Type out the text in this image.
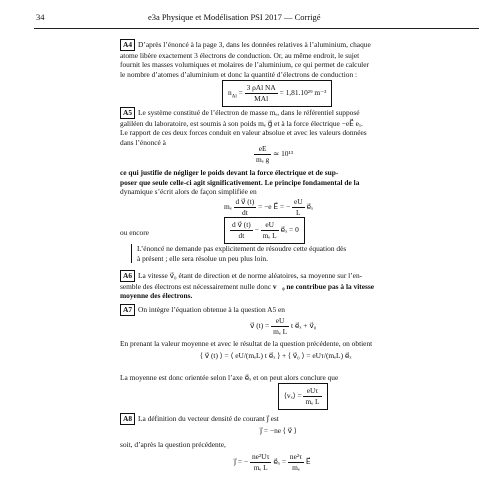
34	e3a Physique et Modélisation PSI 2017 — Corrigé
A4 D’après l’énoncé à la page 3, dans les données relatives à l’aluminium, chaque
atome libère exactement 3 électrons de conduction. Or, au même endroit, le sujet
fournit les masses volumiques et molaires de l’aluminium, ce qui permet de calculer
le nombre d’atomes d’aluminium et donc la quantité d’électrons de conduction :
$n_{Al} = \frac{\text{3 ρAl NA}}{\text{MAl}} = 1,81.10^{29}$ m⁻³
A5 Le système constitué de l’électron de masse mₑ, dans le référentiel supposé
galiléen du laboratoire, est soumis à son poids mₑ g⃗ et à la force électrique −eE⃗ eₓ.
Le rapport de ces deux forces conduit en valeur absolue et avec les valeurs données
dans l’énoncé à
$\frac{eE}{\text{mₑ g}}$ ≃ 10¹³
ce qui justifie de négliger le poids devant la force électrique et de sup-
poser que seule celle-ci agit significativement. Le principe fondamental de la
dynamique s’écrit alors de façon simplifiée en
mₑ $\frac{\text{d v⃗ (t)}}{dt} = -e$ E⃗ = − $\frac{eU}{L}$ e⃗ₓ
ou encore	$\frac{\text{d v⃗ (t)}}{dt} - \frac{eU}{\text{mₑ L}}$ e⃗ₓ = 0
L’énoncé ne demande pas explicitement de résoudre cette équation dès
à présent ; elle sera résolue un peu plus loin.
A6 La vitesse v⃗₀ étant de direction et de norme aléatoires, sa moyenne sur l’en-
semble des électrons est nécessairement nulle donc v⃗₀ ne contribue pas à la vitesse
moyenne des électrons.
A7 On intègre l’équation obtenue à la question A5 en
v⃗ $(t) = \frac{eU}{\text{mₑ L}}$ t e⃗ₓ + v⃗₀
En prenant la valeur moyenne et avec le résultat de la question précédente, on obtient
⟨ v⃗ (t) ⟩ = ⟨ eU/(mₑL) t e⃗ₓ ⟩ + ⟨ v⃗₀ ⟩ = eUτ/(mₑL) e⃗ₓ
La moyenne est donc orientée selon l’axe e⃗ₓ et on peut alors conclure que
⟨vₓ⟩ = $\frac{\text{eUτ}}{\text{mₑ L}}$
A8 La définition du vecteur densité de courant j⃗ est
j⃗ = −ne ⟨ v⃗ ⟩
soit, d’après la question précédente,
j⃗ = − $\frac{\text{ne²Uτ}}{\text{mₑ L}}$ e⃗ₓ = $\frac{\text{ne²τ}}{\text{mₑ}}$ E⃗
